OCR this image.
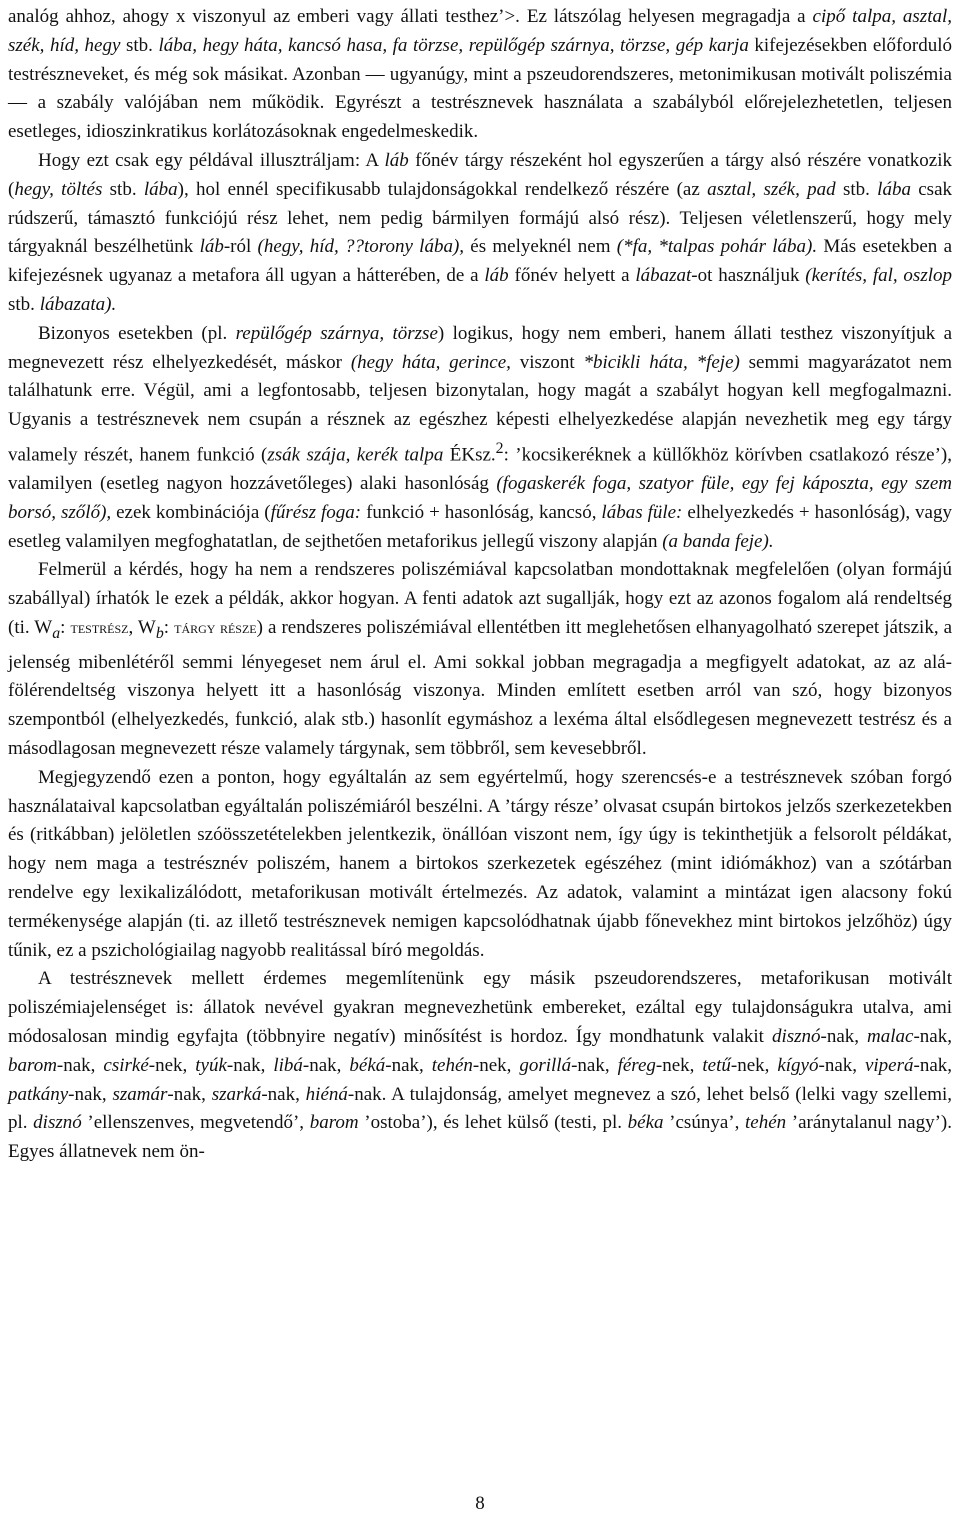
analóg ahhoz, ahogy x viszonyul az emberi vagy állati testhez’>. Ez látszólag helyesen megragadja a cipő talpa, asztal, szék, híd, hegy stb. lába, hegy háta, kancsó hasa, fa törzse, repülőgép szárnya, törzse, gép karja kifejezésekben előforduló testrészneveket, és még sok másikat. Azonban — ugyanúgy, mint a pszeudorendszeres, metonimikusan motivált poliszémia — a szabály valójában nem működik. Egyrészt a testrésznevek használata a szabályból előrejelezhetetlen, teljesen esetleges, idioszinkratikus korlátozásoknak engedelmeskedik.

Hogy ezt csak egy példával illusztráljam: A láb főnév tárgy részeként hol egyszerűen a tárgy alsó részére vonatkozik (hegy, töltés stb. lába), hol ennél specifikusabb tulajdonságokkal rendelkező részére (az asztal, szék, pad stb. lába csak rúdszerű, támasztó funkciójú rész lehet, nem pedig bármilyen formájú alsó rész). Teljesen véletlenszerű, hogy mely tárgyaknál beszélhetünk láb-ról (hegy, híd, ??torony lába), és melyeknél nem (*fa, *talpas pohár lába). Más esetekben a kifejezésnek ugyanaz a metafora áll ugyan a hátterében, de a láb főnév helyett a lábazat-ot használjuk (kerítés, fal, oszlop stb. lábazata).

Bizonyos esetekben (pl. repülőgép szárnya, törzse) logikus, hogy nem emberi, hanem állati testhez viszonyítjuk a megnevezett rész elhelyezkedését, máskor (hegy háta, gerince, viszont *bicikli háta, *feje) semmi magyarázatot nem találhatunk erre. Végül, ami a legfontosabb, teljesen bizonytalan, hogy magát a szabályt hogyan kell megfogalmazni. Ugyanis a testrésznevek nem csupán a résznek az egészhez képesti elhelyezkedése alapján nevezhetik meg egy tárgy valamely részét, hanem funkció (zsák szája, kerék talpa ÉKsz.$^2$: ’kocsikeréknek a küllőkhöz körívben csatlakozó része’), valamilyen (esetleg nagyon hozzávetőleges) alaki hasonlóság (fogaskerék foga, szatyor füle, egy fej káposzta, egy szem borsó, szőlő), ezek kombinációja (fűrész foga: funkció + hasonlóság, kancsó, lábas füle: elhelyezkedés + hasonlóság), vagy esetleg valamilyen megfoghatatlan, de sejthetően metaforikus jellegű viszony alapján (a banda feje).

Felmerül a kérdés, hogy ha nem a rendszeres poliszémiával kapcsolatban mondottaknak megfelelően (olyan formájú szabállyal) írhatók le ezek a példák, akkor hogyan. A fenti adatok azt sugallják, hogy ezt az azonos fogalom alá rendeltség (ti. $W_a$: testrész, $W_b$: tárgy része) a rendszeres poliszémiával ellentétben itt meglehetősen elhanyagolható szerepet játszik, a jelenség mibenlétéről semmi lényegeset nem árul el. Ami sokkal jobban megragadja a megfigyelt adatokat, az az alá-fölérendeltség viszonya helyett itt a hasonlóság viszonya. Minden említett esetben arról van szó, hogy bizonyos szempontból (elhelyezkedés, funkció, alak stb.) hasonlít egymáshoz a lexéma által elsődlegesen megnevezett testrész és a másodlagosan megnevezett része valamely tárgynak, sem többről, sem kevesebbről.

Megjegyzendő ezen a ponton, hogy egyáltalán az sem egyértelmű, hogy szerencsés-e a testrésznevek szóban forgó használataival kapcsolatban egyáltalán poliszémiáról beszélni. A ’tárgy része’ olvasat csupán birtokos jelzős szerkezetekben és (ritkábban) jelöletlen szóösszetételekben jelentkezik, önállóan viszont nem, így úgy is tekinthetjük a felsorolt példákat, hogy nem maga a testrésznév poliszém, hanem a birtokos szerkezetek egészéhez (mint idiómákhoz) van a szótárban rendelve egy lexikalizálódott, metaforikusan motivált értelmezés. Az adatok, valamint a mintázat igen alacsony fokú termékenysége alapján (ti. az illető testrésznevek nemigen kapcsolódhatnak újabb főnevekhez mint birtokos jelzőhöz) úgy tűnik, ez a pszichológiailag nagyobb realitással bíró megoldás.

A testrésznevek mellett érdemes megemlítenünk egy másik pszeudorendszeres, metaforikusan motivált poliszémiajelenséget is: állatok nevével gyakran megnevezhetünk embereket, ezáltal egy tulajdonságukra utalva, ami módosalosan mindig egyfajta (többnyire negatív) minősítést is hordoz. Így mondhatunk valakit disznó-nak, malac-nak, barom-nak, csirké-nek, tyúk-nak, libá-nak, béká-nak, tehén-nek, gorillá-nak, féreg-nek, tetű-nek, kígyó-nak, viperá-nak, patkány-nak, szamár-nak, szarká-nak, hiéná-nak. A tulajdonság, amelyet megnevez a szó, lehet belső (lelki vagy szellemi, pl. disznó ’ellenszenves, megvetendő’, barom ’ostoba’), és lehet külső (testi, pl. béka ’csúnya’, tehén ’aránytalanul nagy’). Egyes állatnevek nem ön-

8
